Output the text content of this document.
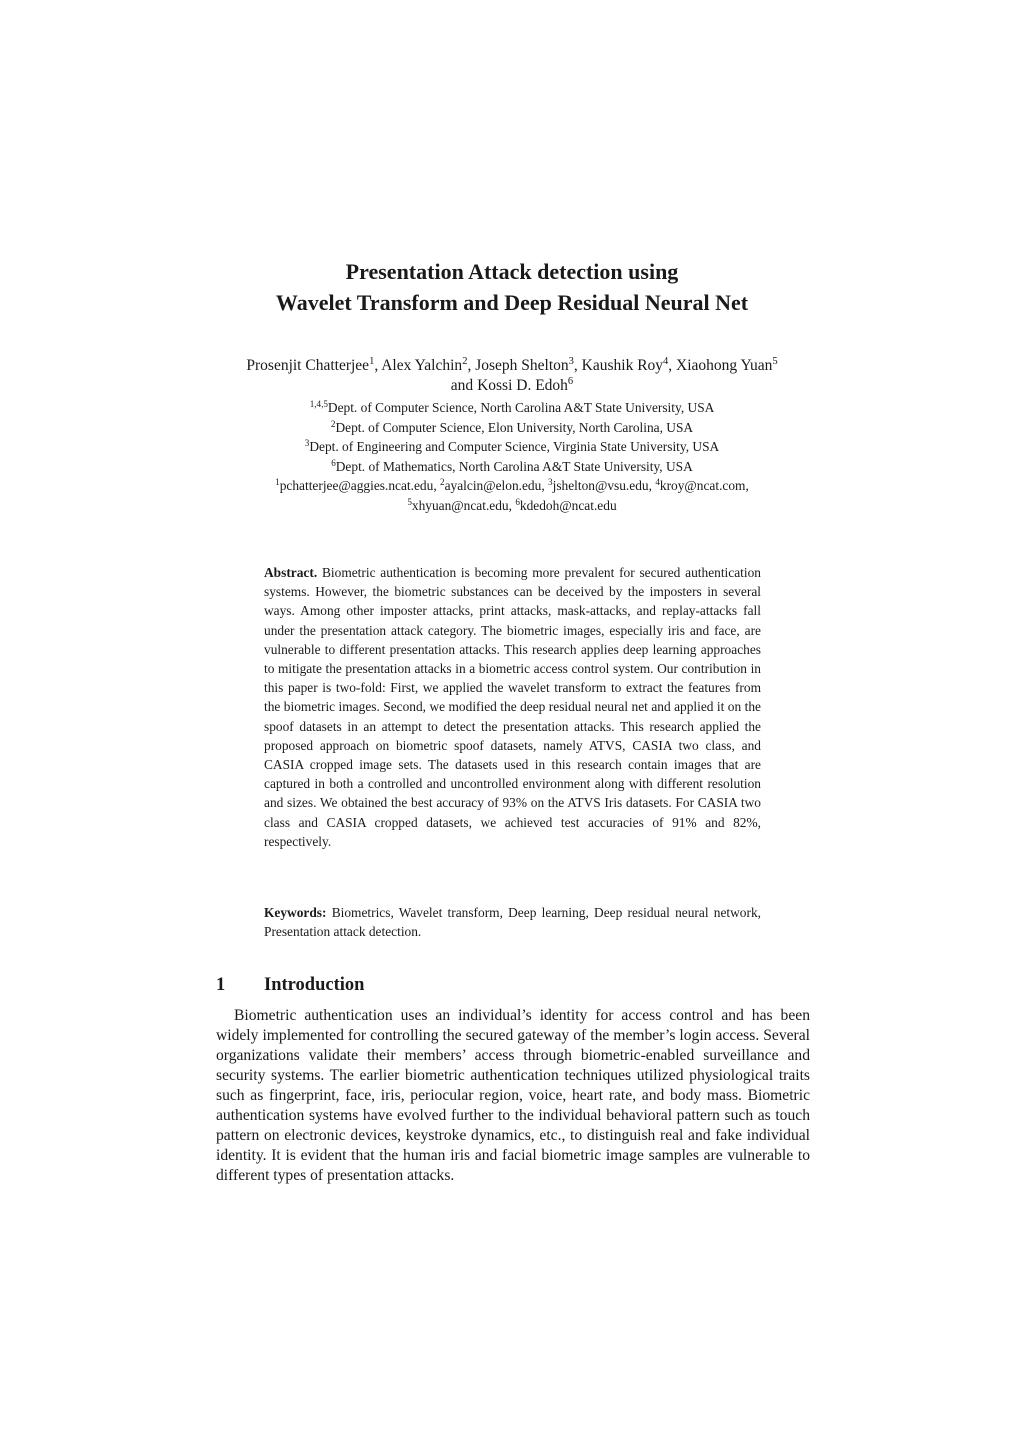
Presentation Attack detection using
Wavelet Transform and Deep Residual Neural Net
Prosenjit Chatterjee$^1$, Alex Yalchin$^2$, Joseph Shelton$^3$, Kaushik Roy$^4$, Xiaohong Yuan$^5$
and Kossi D. Edoh$^6$
$^{1,4,5}$Dept. of Computer Science, North Carolina A&T State University, USA
$^2$Dept. of Computer Science, Elon University, North Carolina, USA
$^3$Dept. of Engineering and Computer Science, Virginia State University, USA
$^6$Dept. of Mathematics, North Carolina A&T State University, USA
$^1$pchatterjee@aggies.ncat.edu, $^2$ayalcin@elon.edu, $^3$jshelton@vsu.edu, $^4$kroy@ncat.com,
$^5$xhyuan@ncat.edu, $^6$kdedoh@ncat.edu

Abstract. Biometric authentication is becoming more prevalent for secured authentication systems. However, the biometric substances can be deceived by the imposters in several ways. Among other imposter attacks, print attacks, mask-attacks, and replay-attacks fall under the presentation attack category. The biometric images, especially iris and face, are vulnerable to different presentation attacks. This research applies deep learning approaches to mitigate the presentation attacks in a biometric access control system. Our contribution in this paper is two-fold: First, we applied the wavelet transform to extract the features from the biometric images. Second, we modified the deep residual neural net and applied it on the spoof datasets in an attempt to detect the presentation attacks. This research applied the proposed approach on biometric spoof datasets, namely ATVS, CASIA two class, and CASIA cropped image sets. The datasets used in this research contain images that are captured in both a controlled and uncontrolled environment along with different resolution and sizes. We obtained the best accuracy of 93% on the ATVS Iris datasets. For CASIA two class and CASIA cropped datasets, we achieved test accuracies of 91% and 82%, respectively.

Keywords: Biometrics, Wavelet transform, Deep learning, Deep residual neural network, Presentation attack detection.

1 Introduction

Biometric authentication uses an individual’s identity for access control and has been widely implemented for controlling the secured gateway of the member’s login access. Several organizations validate their members’ access through biometric-enabled surveillance and security systems. The earlier biometric authentication techniques utilized physiological traits such as fingerprint, face, iris, periocular region, voice, heart rate, and body mass. Biometric authentication systems have evolved further to the individual behavioral pattern such as touch pattern on electronic devices, keystroke dynamics, etc., to distinguish real and fake individual identity. It is evident that the human iris and facial biometric image samples are vulnerable to different types of presentation attacks.
